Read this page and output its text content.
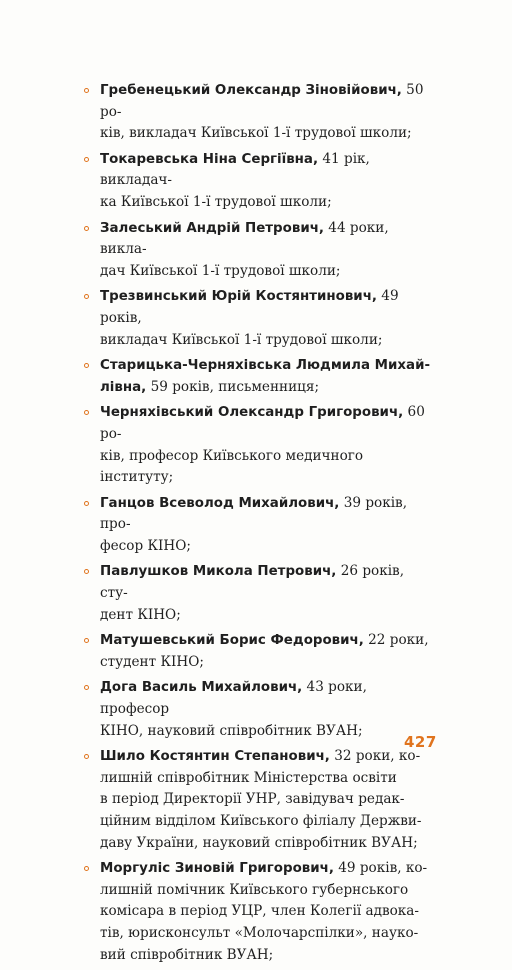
Гребенецький Олександр Зіновійович, 50 ро-
ків, викладач Київської 1-ї трудової школи;
Токаревська Ніна Сергіївна, 41 рік, викладач-
ка Київської 1-ї трудової школи;
Залеський Андрій Петрович, 44 роки, викла-
дач Київської 1-ї трудової школи;
Трезвинський Юрій Костянтинович, 49 років,
викладач Київської 1-ї трудової школи;
Старицька-Черняхівська Людмила Михай-
лівна, 59 років, письменниця;
Черняхівський Олександр Григорович, 60 ро-
ків, професор Київського медичного інституту;
Ганцов Всеволод Михайлович, 39 років, про-
фесор КІНО;
Павлушков Микола Петрович, 26 років, сту-
дент КІНО;
Матушевський Борис Федорович, 22 роки,
студент КІНО;
Дога Василь Михайлович, 43 роки, професор
КІНО, науковий співробітник ВУАН;
Шило Костянтин Степанович, 32 роки, ко-
лишній співробітник Міністерства освіти
в період Директорії УНР, завідувач редак-
ційним відділом Київського філіалу Держви-
даву України, науковий співробітник ВУАН;
Моргуліс Зиновій Григорович, 49 років, ко-
лишній помічник Київського губернського
комісара в період УЦР, член Колегії адвока-
тів, юрисконсульт «Молочарспілки», науко-
вий співробітник ВУАН;
427
